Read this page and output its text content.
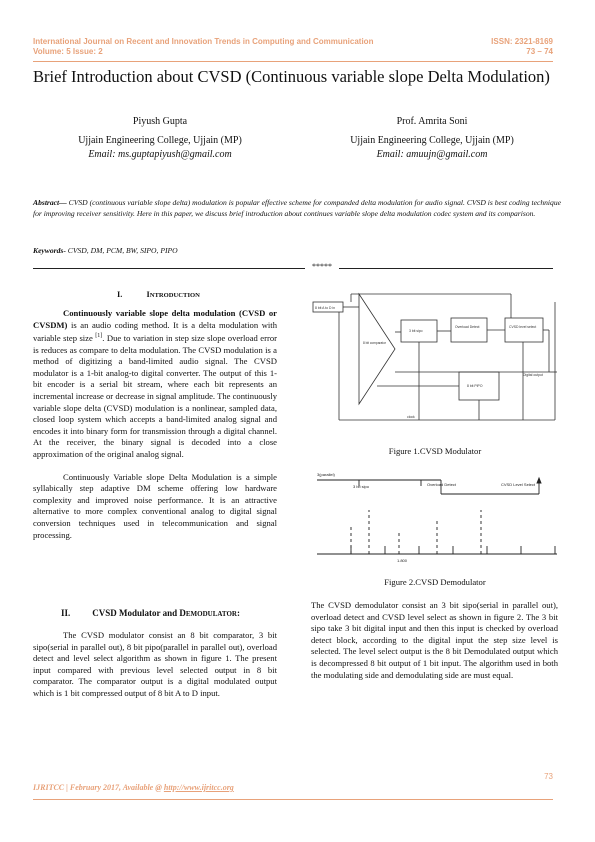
International Journal on Recent and Innovation Trends in Computing and Communication
Volume: 5 Issue: 2
ISSN: 2321-8169
73 – 74
Brief Introduction about CVSD (Continuous variable slope Delta Modulation)
Piyush Gupta
Ujjain Engineering College, Ujjain (MP)
Email: ms.guptapiyush@gmail.com
Prof. Amrita Soni
Ujjain Engineering College, Ujjain (MP)
Email: amuujn@gmail.com
Abstract— CVSD (continuous variable slope delta) modulation is popular effective scheme for companded delta modulation for audio signal. CVSD is best coding technique for improving receiver sensitivity. Here in this paper, we discuss brief introduction about continues variable slope delta modulation codec system and its comparison.
Keywords- CVSD, DM, PCM, BW, SIPO, PIPO
*****
I.	INTRODUCTION

Continuously variable slope delta modulation (CVSD or CVSDM) is an audio coding method. It is a delta modulation with variable step size [1]. Due to variation in step size slope overload error is reduces as compare to delta modulation. The CVSD modulation is a method of digitizing a band-limited audio signal. The CVSD modulator is a 1-bit analog-to digital converter. The output of this 1-bit encoder is a serial bit stream, where each bit represents an incremental increase or decrease in signal amplitude. The continuously variable slope delta (CVSD) modulation is a nonlinear, sampled data, closed loop system which accepts a band-limited analog signal and encodes it into binary form for transmission through a digital channel. At the receiver, the binary signal is decoded into a close approximation of the original analog signal.

Continuously Variable slope Delta Modulation is a simple syllabically step adaptive DM scheme offering low hardware complexity and improved noise performance. It is an attractive alternative to more complex conventional analog to digital signal conversion techniques used in telecommunication and signal processing.

II. CVSD Modulator and DEMODULATOR:

The CVSD modulator consist an 8 bit comparator, 3 bit sipo(serial in parallel out), 8 bit pipo(parallel in parallel out), overload detect and level select algorithm as shown in figure 1. The present input compared with previous level selected output in 8 bit comparator. The comparator output is a digital modulated output which is 1 bit compressed output of 8 bit A to D input.

8 bit A to D in
8 bit comparator
3 bit sipo
Overload Detect	CVSD level select
8 bit PIPO
Digital output
clock
Figure 1.CVSD Modulator
3(parallel)
3 bit sipo	Overload Detect	CVSD Level Select
1.800
Figure 2.CVSD Demodulator

The CVSD demodulator consist an 3 bit sipo(serial in parallel out), overload detect and CVSD level select as shown in figure 2. The 3 bit sipo take 3 bit digital input and then this input is checked by overload detect block, according to the digital input the step size level is selected. The level select output is the 8 bit Demodulated output which is decompressed 8 bit output of 1 bit input. The algorithm used in both the modulating side and demodulating side are must equal.

73
IJRITCC | February 2017, Available @ http://www.ijritcc.org
